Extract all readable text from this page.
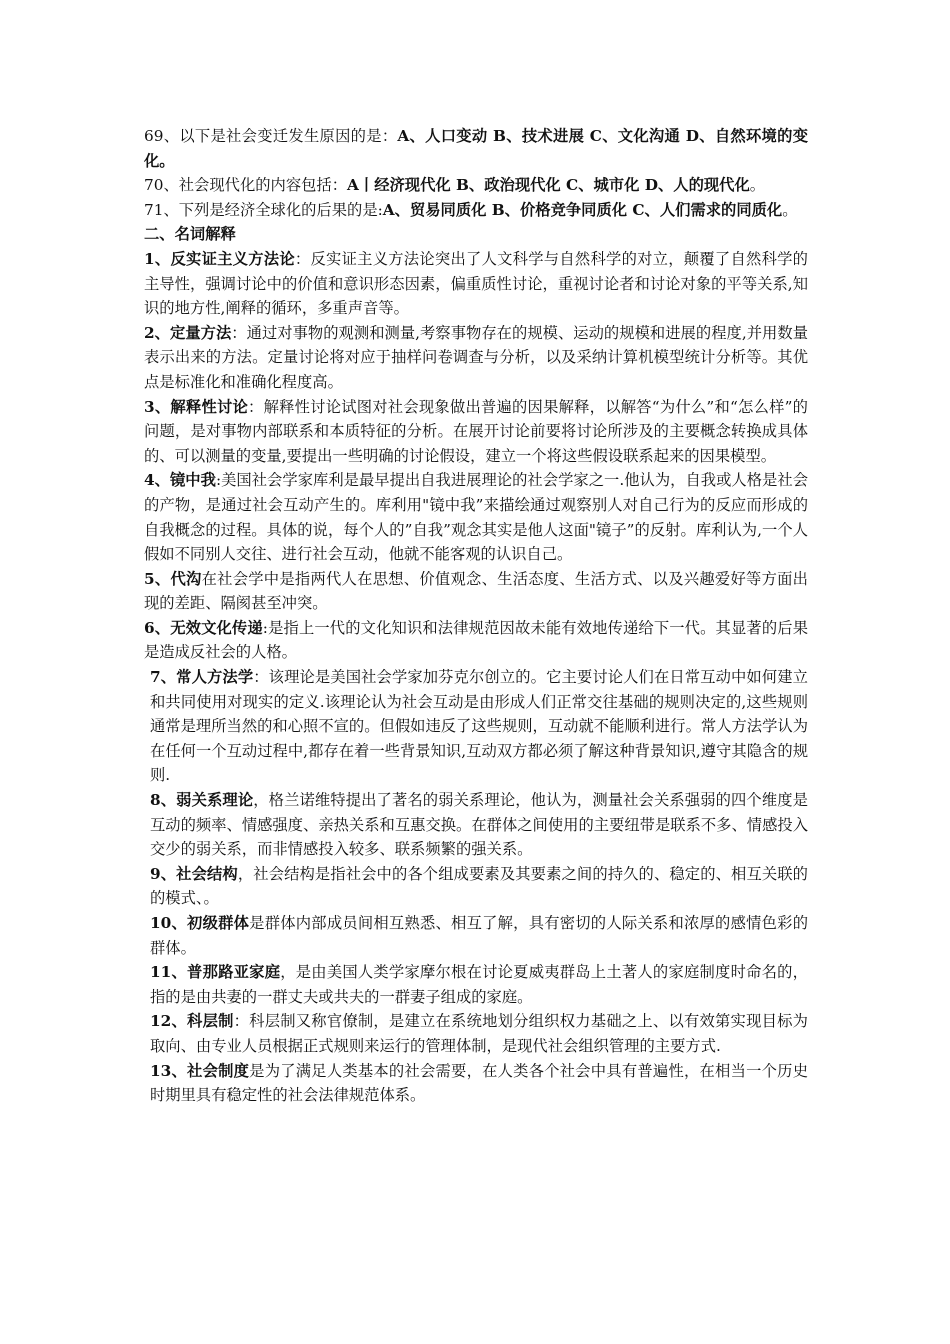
69、以下是社会变迁发生原因的是：A、人口变动 B、技术进展 C、文化沟通 D、自然环境的变化。

70、社会现代化的内容包括：A丨经济现代化 B、政治现代化 C、城市化 D、人的现代化。

71、下列是经济全球化的后果的是:A、贸易同质化 B、价格竞争同质化 C、人们需求的同质化。

二、名词解释

1、反实证主义方法论：反实证主义方法论突出了人文科学与自然科学的对立，颠覆了自然科学的主导性，强调讨论中的价值和意识形态因素，偏重质性讨论，重视讨论者和讨论对象的平等关系,知识的地方性,阐释的循环，多重声音等。

2、定量方法：通过对事物的观测和测量,考察事物存在的规模、运动的规模和进展的程度,并用数量表示出来的方法。定量讨论将对应于抽样问卷调查与分析，以及采纳计算机模型统计分析等。其优点是标准化和准确化程度高。

3、解释性讨论：解释性讨论试图对社会现象做出普遍的因果解释，以解答“为什么”和“怎么样”的问题，是对事物内部联系和本质特征的分析。在展开讨论前要将讨论所涉及的主要概念转换成具体的、可以测量的变量,要提出一些明确的讨论假设，建立一个将这些假设联系起来的因果模型。

4、镜中我:美国社会学家库利是最早提出自我进展理论的社会学家之一.他认为，自我或人格是社会的产物，是通过社会互动产生的。库利用"镜中我”来描绘通过观察别人对自己行为的反应而形成的自我概念的过程。具体的说，每个人的”自我”观念其实是他人这面"镜子”的反射。库利认为,一个人假如不同别人交往、进行社会互动，他就不能客观的认识自己。

5、代沟在社会学中是指两代人在思想、价值观念、生活态度、生活方式、以及兴趣爱好等方面出现的差距、隔阂甚至冲突。

6、无效文化传递:是指上一代的文化知识和法律规范因故未能有效地传递给下一代。其显著的后果是造成反社会的人格。

7、常人方法学：该理论是美国社会学家加芬克尔创立的。它主要讨论人们在日常互动中如何建立和共同使用对现实的定义.该理论认为社会互动是由形成人们正常交往基础的规则决定的,这些规则通常是理所当然的和心照不宣的。但假如违反了这些规则，互动就不能顺利进行。常人方法学认为在任何一个互动过程中,都存在着一些背景知识,互动双方都必须了解这种背景知识,遵守其隐含的规则.

8、弱关系理论，格兰诺维特提出了著名的弱关系理论，他认为，测量社会关系强弱的四个维度是互动的频率、情感强度、亲热关系和互惠交换。在群体之间使用的主要纽带是联系不多、情感投入交少的弱关系，而非情感投入较多、联系频繁的强关系。

9、社会结构，社会结构是指社会中的各个组成要素及其要素之间的持久的、稳定的、相互关联的的模式、。

10、初级群体是群体内部成员间相互熟悉、相互了解，具有密切的人际关系和浓厚的感情色彩的群体。

11、普那路亚家庭，是由美国人类学家摩尔根在讨论夏威夷群岛上土著人的家庭制度时命名的，指的是由共妻的一群丈夫或共夫的一群妻子组成的家庭。

12、科层制：科层制又称官僚制，是建立在系统地划分组织权力基础之上、以有效第实现目标为取向、由专业人员根据正式规则来运行的管理体制，是现代社会组织管理的主要方式.

13、社会制度是为了满足人类基本的社会需要，在人类各个社会中具有普遍性，在相当一个历史时期里具有稳定性的社会法律规范体系。
